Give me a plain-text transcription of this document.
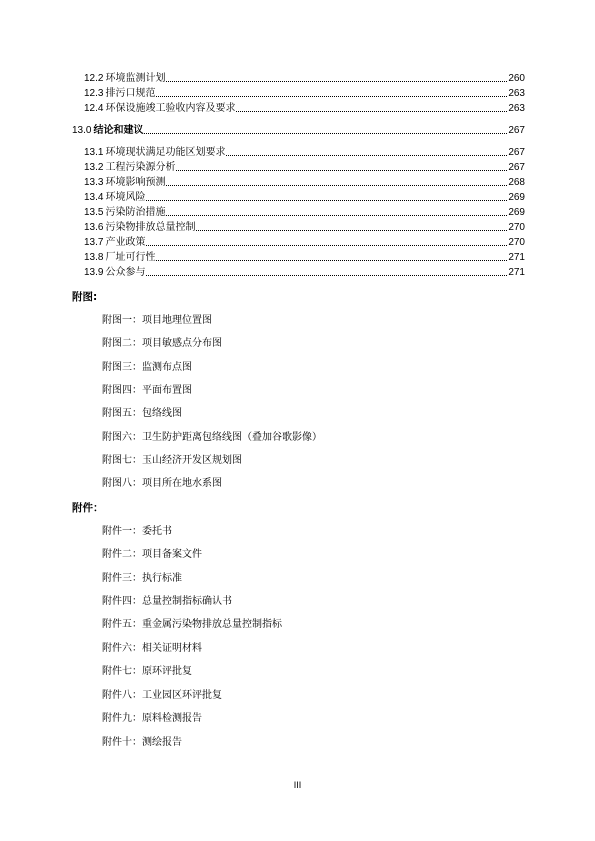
12.2 环境监测计划	260
12.3 排污口规范	263
12.4 环保设施竣工验收内容及要求	263
13.0 结论和建议	267
13.1 环境现状满足功能区划要求	267
13.2 工程污染源分析	267
13.3 环境影响预测	268
13.4 环境风险	269
13.5 污染防治措施	269
13.6 污染物排放总量控制	270
13.7 产业政策	270
13.8 厂址可行性	271
13.9 公众参与	271
附图:
附图一：项目地理位置图
附图二：项目敏感点分布图
附图三：监测布点图
附图四：平面布置图
附图五：包络线图
附图六：卫生防护距离包络线图（叠加谷歌影像）
附图七：玉山经济开发区规划图
附图八：项目所在地水系图
附件：
附件一：委托书
附件二：项目备案文件
附件三：执行标准
附件四：总量控制指标确认书
附件五：重金属污染物排放总量控制指标
附件六：相关证明材料
附件七：原环评批复
附件八：工业园区环评批复
附件九：原料检测报告
附件十：测绘报告
III
